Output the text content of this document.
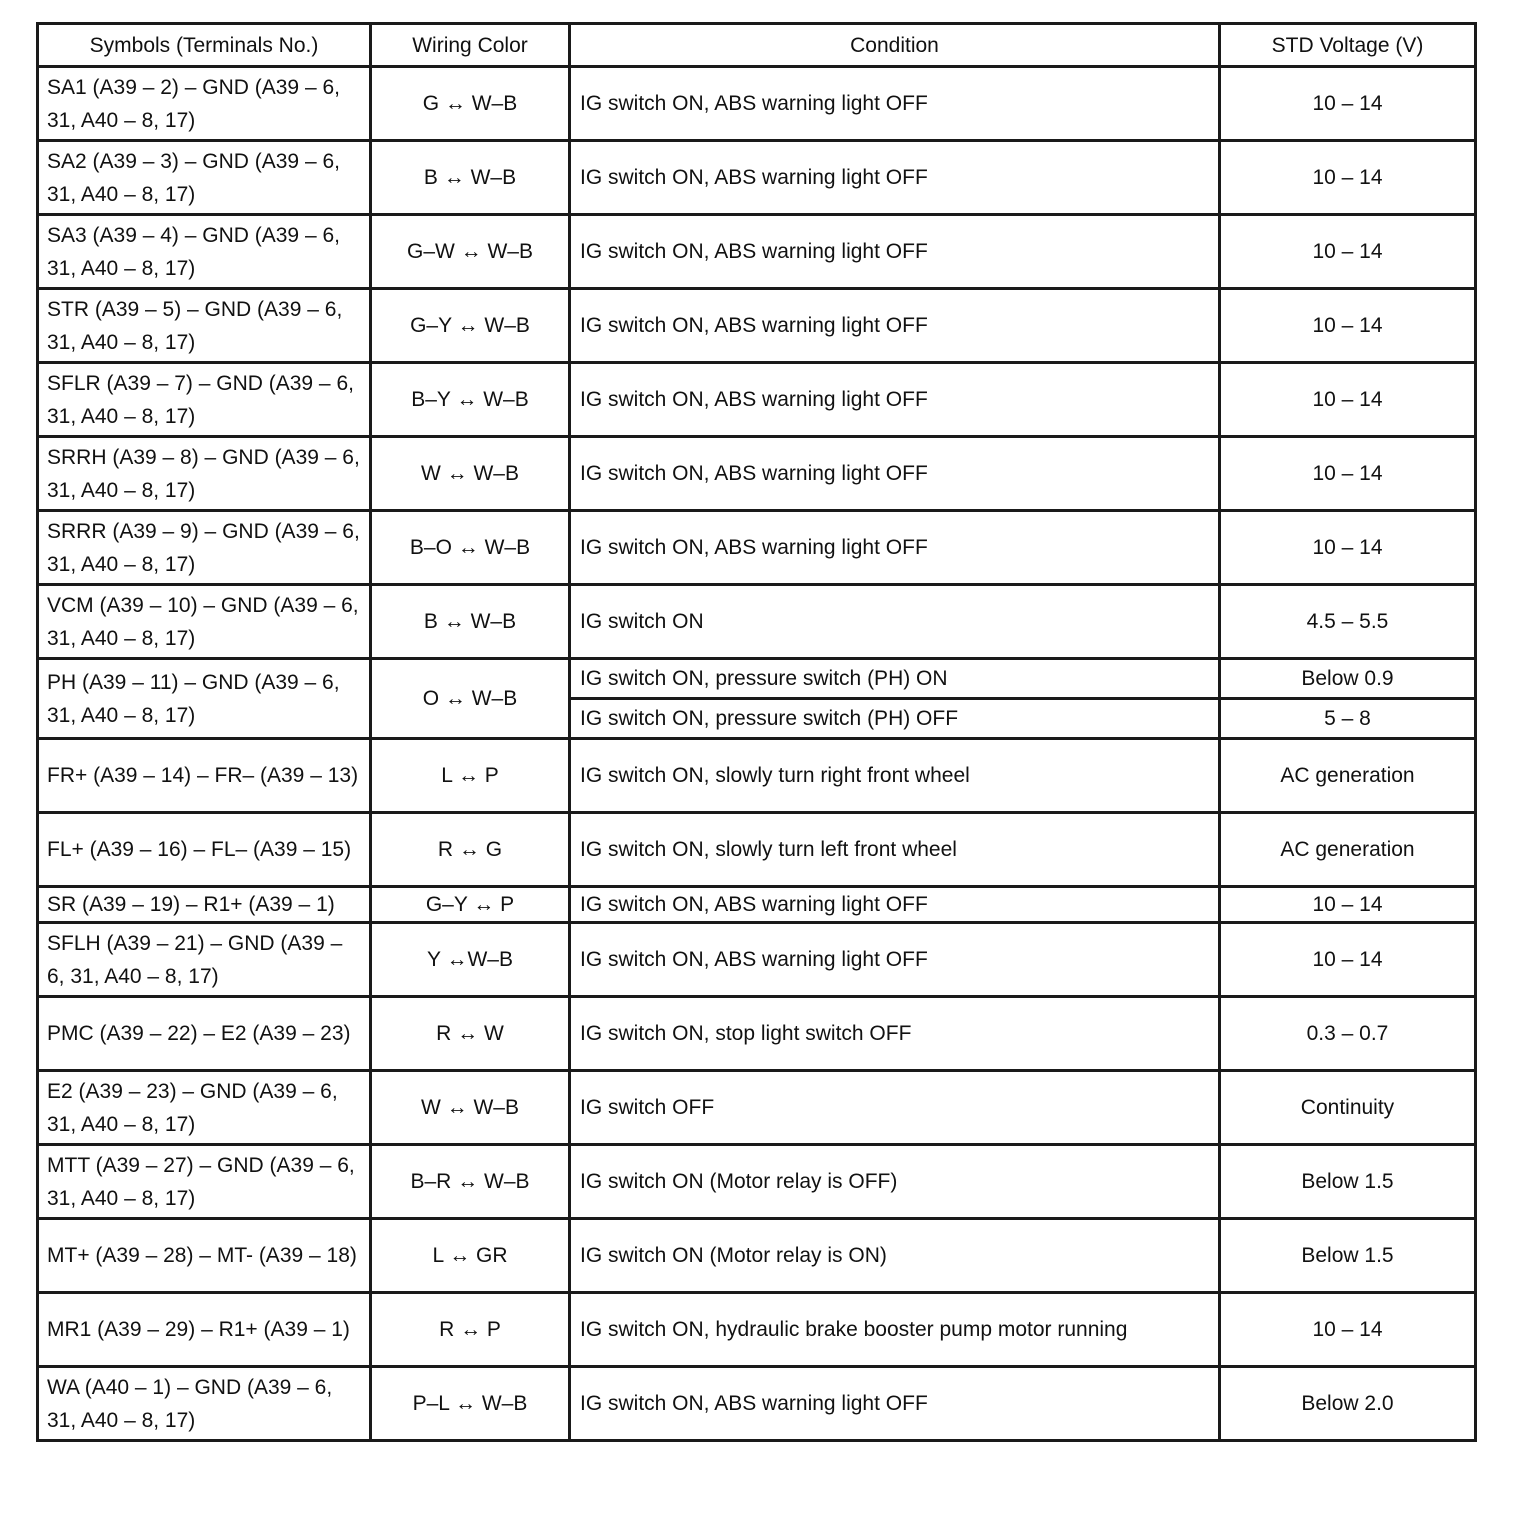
Symbols (Terminals No.)	Wiring Color	Condition	STD Voltage (V)
SA1 (A39 – 2) – GND (A39 – 6, 31, A40 – 8, 17)	G ↔ W–B	IG switch ON, ABS warning light OFF	10 – 14
SA2 (A39 – 3) – GND (A39 – 6, 31, A40 – 8, 17)	B ↔ W–B	IG switch ON, ABS warning light OFF	10 – 14
SA3 (A39 – 4) – GND (A39 – 6, 31, A40 – 8, 17)	G–W ↔ W–B	IG switch ON, ABS warning light OFF	10 – 14
STR (A39 – 5) – GND (A39 – 6, 31, A40 – 8, 17)	G–Y ↔ W–B	IG switch ON, ABS warning light OFF	10 – 14
SFLR (A39 – 7) – GND (A39 – 6, 31, A40 – 8, 17)	B–Y ↔ W–B	IG switch ON, ABS warning light OFF	10 – 14
SRRH (A39 – 8) – GND (A39 – 6, 31, A40 – 8, 17)	W ↔ W–B	IG switch ON, ABS warning light OFF	10 – 14
SRRR (A39 – 9) – GND (A39 – 6, 31, A40 – 8, 17)	B–O ↔ W–B	IG switch ON, ABS warning light OFF	10 – 14
VCM (A39 – 10) – GND (A39 – 6, 31, A40 – 8, 17)	B ↔ W–B	IG switch ON	4.5 – 5.5
PH (A39 – 11) – GND (A39 – 6, 31, A40 – 8, 17)	O ↔ W–B	IG switch ON, pressure switch (PH) ON	Below 0.9
		IG switch ON, pressure switch (PH) OFF	5 – 8
FR+ (A39 – 14) – FR– (A39 – 13)	L ↔ P	IG switch ON, slowly turn right front wheel	AC generation
FL+ (A39 – 16) – FL– (A39 – 15)	R ↔ G	IG switch ON, slowly turn left front wheel	AC generation
SR (A39 – 19) – R1+ (A39 – 1)	G–Y ↔ P	IG switch ON, ABS warning light OFF	10 – 14
SFLH (A39 – 21) – GND (A39 – 6, 31, A40 – 8, 17)	Y ↔W–B	IG switch ON, ABS warning light OFF	10 – 14
PMC (A39 – 22) – E2 (A39 – 23)	R ↔ W	IG switch ON, stop light switch OFF	0.3 – 0.7
E2 (A39 – 23) – GND (A39 – 6, 31, A40 – 8, 17)	W ↔ W–B	IG switch OFF	Continuity
MTT (A39 – 27) – GND (A39 – 6, 31, A40 – 8, 17)	B–R ↔ W–B	IG switch ON (Motor relay is OFF)	Below 1.5
MT+ (A39 – 28) – MT- (A39 – 18)	L ↔ GR	IG switch ON (Motor relay is ON)	Below 1.5
MR1 (A39 – 29) – R1+ (A39 – 1)	R ↔ P	IG switch ON, hydraulic brake booster pump motor running	10 – 14
WA (A40 – 1) – GND (A39 – 6, 31, A40 – 8, 17)	P–L ↔ W–B	IG switch ON, ABS warning light OFF	Below 2.0
